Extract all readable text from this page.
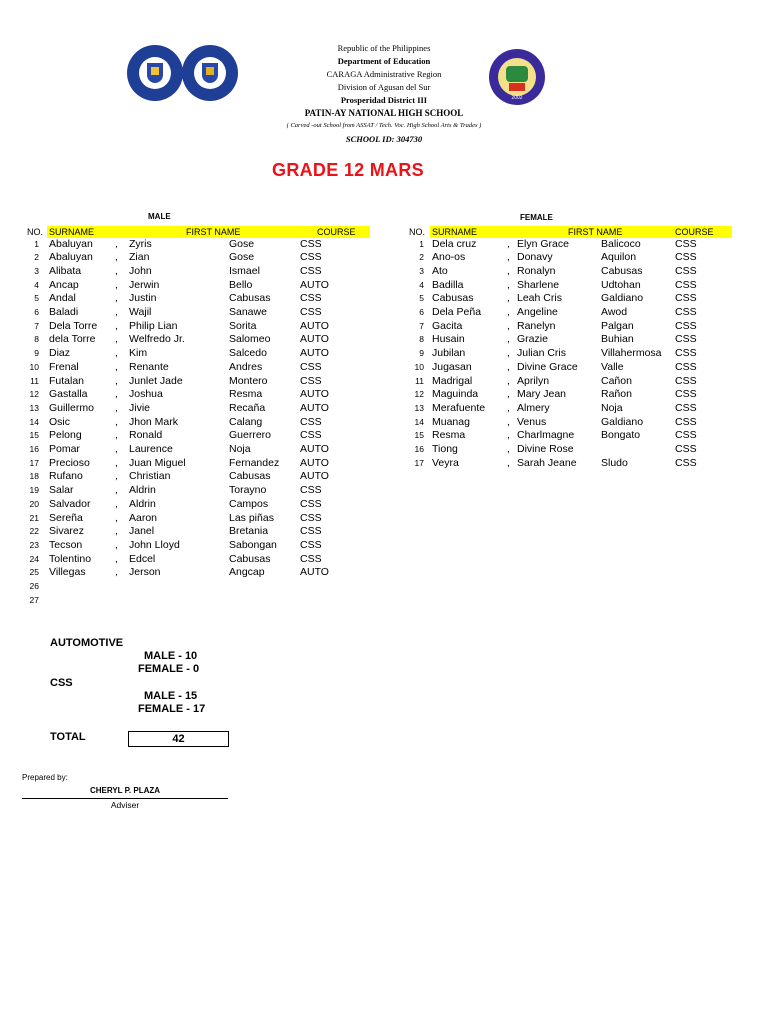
2002
Republic of the Philippines
Department of Education
CARAGA Administrative Region
Division of Agusan del Sur
Prosperidad District III
PATIN-AY NATIONAL HIGH SCHOOL
( Carved -out School from ASSAT / Tech. Voc. High School Arts & Trades )
SCHOOL ID: 304730
GRADE 12 MARS
MALE	FEMALE
NO. SURNAME	FIRST NAME	COURSE	NO. SURNAME	FIRST NAME	COURSE
1 Abaluyan , Zyris	Gose	CSS
2 Abaluyan , Zian	Gose	CSS
3 Alibata	, John	Ismael	CSS
4 Ancap	, Jerwin	Bello	AUTO
5 Andal	, Justin	Cabusas	CSS
6 Baladi	, Wajil	Sanawe	CSS
7 Dela Torre , Philip Lian	Sorita	AUTO
8 dela Torre , Welfredo Jr.	Salomeo	AUTO
9 Diaz	, Kim	Salcedo	AUTO
10 Frenal	, Renante	Andres	CSS
11 Futalan	, Junlet Jade	Montero	CSS
12 Gastalla	, Joshua	Resma	AUTO
13 Guillermo , Jivie	Recaña	AUTO
14 Osic	, Jhon Mark	Calang	CSS
15 Pelong	, Ronald	Guerrero	CSS
16 Pomar	, Laurence	Noja	AUTO
17 Precioso , Juan Miguel	Fernandez AUTO
18 Rufano	, Christian	Cabusas	AUTO
19 Salar	, Aldrin	Torayno	CSS
20 Salvador , Aldrin	Campos	CSS
21 Sereña	, Aaron	Las piñas CSS
22 Sivarez	, Janel	Bretania	CSS
23 Tecson	, John Lloyd	Sabongan CSS
24 Tolentino , Edcel	Cabusas	CSS
25 Villegas	, Jerson	Angcap	AUTO
26
27
1 Dela cruz	, Elyn Grace	Balicoco	CSS
2 Ano-os	, Donavy	Aquilon	CSS
3 Ato	, Ronalyn	Cabusas	CSS
4 Badilla	, Sharlene	Udtohan	CSS
5 Cabusas	, Leah Cris	Galdiano	CSS
6 Dela Peña , Angeline	Awod	CSS
7 Gacita	, Ranelyn	Palgan	CSS
8 Husain	, Grazie	Buhian	CSS
9 Jubilan	, Julian Cris	Villahermosa CSS
10 Jugasan	, Divine Grace Valle	CSS
11 Madrigal	, Aprilyn	Cañon	CSS
12 Maguinda	, Mary Jean	Rañon	CSS
13 Merafuente , Almery	Noja	CSS
14 Muanag	, Venus	Galdiano	CSS
15 Resma	, Charlmagne	Bongato	CSS
16 Tiong	, Divine Rose	CSS
17 Veyra	, Sarah Jeane Sludo	CSS
AUTOMOTIVE
MALE - 10
FEMALE - 0
CSS
MALE - 15
FEMALE - 17
TOTAL	42
Prepared by:
CHERYL P. PLAZA
Adviser
